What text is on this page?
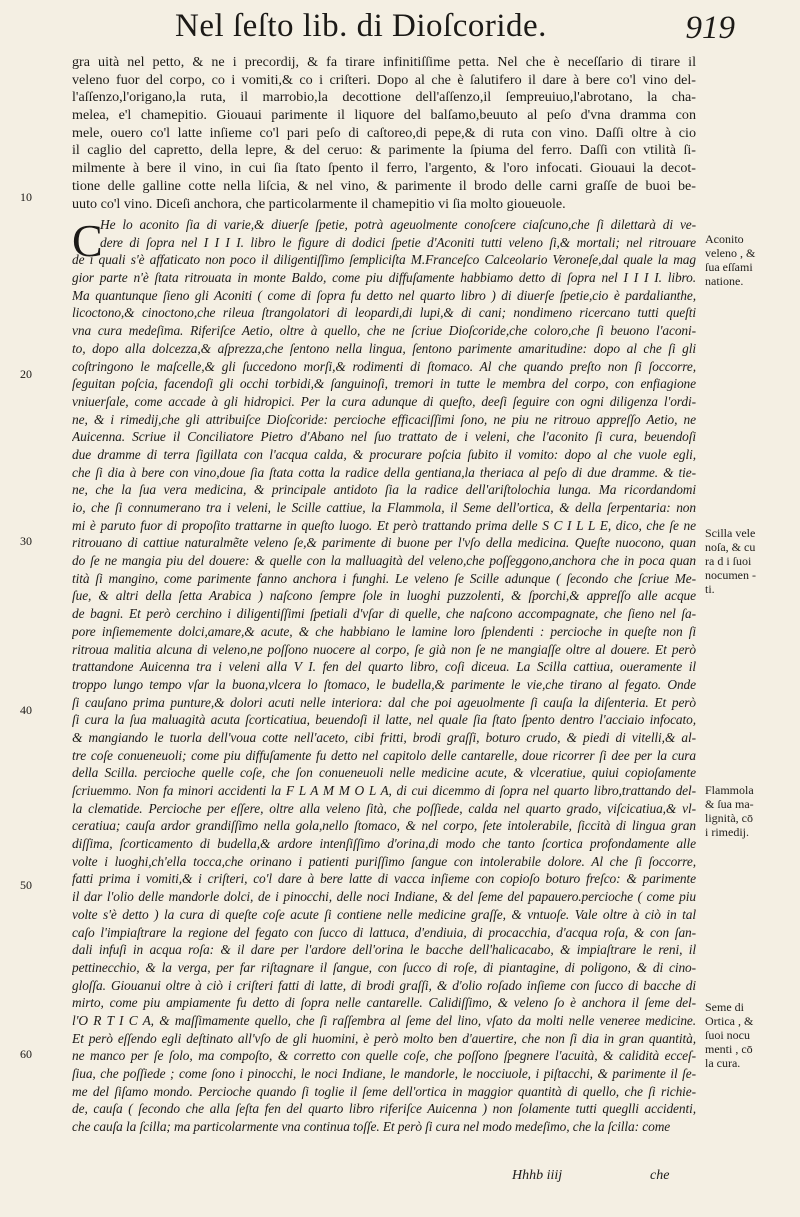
Nel ſeſto lib. di Dioſcoride.	919
gra uità nel petto, & ne i precordij, & fa tirare infinitiſſime petta. Nel che è neceſſario di tirare il
veleno fuor del corpo, co i vomiti,& co i criſteri. Dopo al che è ſalutifero il dare à bere co'l vino del-
l'aſſenzo,l'origano,la ruta, il marrobio,la decottione dell'aſſenzo,il ſempreuiuo,l'abrotano, la cha-
melea, e'l chamepitio. Giouaui parimente il liquore del balſamo,beuuto al peſo d'vna dramma con
mele, ouero co'l latte inſieme co'l pari peſo di caſtoreo,di pepe,& di ruta con vino. Daſſi oltre à cio
il caglio del capretto, della lepre, & del ceruo: & parimente la ſpiuma del ferro. Daſſi con vtilità ſi-
milmente à bere il vino, in cui ſia ſtato ſpento il ferro, l'argento, & l'oro infocati. Giouaui la decot-
tione delle galline cotte nella liſcia, & nel vino, & parimente il brodo delle carni graſſe de buoi be-
uuto co'l vino. Diceſi anchora, che particolarmente il chamepitio vi ſia molto gioueuole.
C
He lo aconito ſia di varie,& diuerſe ſpetie, potrà ageuolmente conoſcere ciaſcuno,che ſi dilettarà di ve-
dere di ſopra nel I I I I. libro le figure di dodici ſpetie d'Aconiti tutti veleno ſi,& mortali; nel ritrouare
de i quali s'è affaticato non poco il diligentiſſimo ſempliciſta M.Franceſco Calceolario Veroneſe,dal quale la mag
gior parte n'è ſtata ritrouata in monte Baldo, come piu diffuſamente habbiamo detto di ſopra nel I I I I. libro.
Ma quantunque ſieno gli Aconiti ( come di ſopra fu detto nel quarto libro ) di diuerſe ſpetie,cio è pardalianthe,
licoctono,& cinoctono,che rileua ſtrangolatori di leopardi,di lupi,& di cani; nondimeno ricercano tutti queſti
vna cura medeſima. Riferiſce Aetio, oltre à quello, che ne ſcriue Dioſcoride,che coloro,che ſi beuono l'aconi-
to, dopo alla dolcezza,& aſprezza,che ſentono nella lingua, ſentono parimente amaritudine: dopo al che ſi gli
coſtringono le maſcelle,& gli ſuccedono morſi,& rodimenti di ſtomaco. Al che quando preſto non ſi ſoccorre,
ſeguitan poſcia, facendoſi gli occhi torbidi,& ſanguinoſi, tremori in tutte le membra del corpo, con enfiagione
vniuerſale, come accade à gli hidropici. Per la cura adunque di queſto, deeſi ſeguire con ogni diligenza l'ordi-
ne, & i rimedij,che gli attribuiſce Dioſcoride: percioche efficaciſſimi ſono, ne piu ne ritrouo appreſſo Aetio, ne
Auicenna. Scriue il Conciliatore Pietro d'Abano nel ſuo trattato de i veleni, che l'aconito ſi cura, beuendoſi
due dramme di terra ſigillata con l'acqua calda, & procurare poſcia ſubito il vomito: dopo al che vuole egli,
che ſi dia à bere con vino,doue ſia ſtata cotta la radice della gentiana,la theriaca al peſo di due dramme. & tie-
ne, che la ſua vera medicina, & principale antidoto ſia la radice dell'ariſtolochia lunga. Ma ricordandomi
io, che ſi connumerano tra i veleni, le Scille cattiue, la Flammola, il Seme dell'ortica, & della ſerpentaria: non
mi è paruto fuor di propoſito trattarne in queſto luogo. Et però trattando prima delle S C I L L E, dico, che ſe ne
ritrouano di cattiue naturalmẽte veleno ſe,& parimente di buone per l'vſo della medicina. Queſte nuocono, quan
do ſe ne mangia piu del douere: & quelle con la malluagità del veleno,che poſſeggono,anchora che in poca quan
tità ſi mangino, come parimente fanno anchora i funghi. Le veleno ſe Scille adunque ( ſecondo che ſcriue Me-
ſue, & altri della ſetta Arabica ) naſcono ſempre ſole in luoghi puzzolenti, & ſporchi,& appreſſo alle acque
de bagni. Et però cerchino i diligentiſſimi ſpetiali d'vſar di quelle, che naſcono accompagnate, che ſieno nel ſa-
pore inſiememente dolci,amare,& acute, & che habbiano le lamine loro ſplendenti : percioche in queſte non ſi
ritroua malitia alcuna di veleno,ne poſſono nuocere al corpo, ſe già non ſe ne mangiaſſe oltre al douere. Et però
trattandone Auicenna tra i veleni alla V I. fen del quarto libro, coſi diceua. La Scilla cattiua, oueramente il
troppo lungo tempo vſar la buona,vlcera lo ſtomaco, le budella,& parimente le vie,che tirano al fegato. Onde
ſi cauſano prima punture,& dolori acuti nelle interiora: dal che poi ageuolmente ſi cauſa la diſenteria. Et però
ſi cura la ſua maluagità acuta ſcorticatiua, beuendoſi il latte, nel quale ſia ſtato ſpento dentro l'acciaio infocato,
& mangiando le tuorla dell'voua cotte nell'aceto, cibi fritti, brodi graſſi, boturo crudo, & piedi di vitelli,& al-
tre coſe conueneuoli; come piu diffuſamente fu detto nel capitolo delle cantarelle, doue ricorrer ſi dee per la cura
della Scilla. percioche quelle coſe, che ſon conueneuoli nelle medicine acute, & vlceratiue, quiui copioſamente
ſcriuemmo. Non fa minori accidenti la F L A M M O L A, di cui dicemmo di ſopra nel quarto libro,trattando del-
la clematide. Percioche per eſſere, oltre alla veleno ſità, che poſſiede, calda nel quarto grado, viſcicatiua,& vl-
ceratiua; cauſa ardor grandiſſimo nella gola,nello ſtomaco, & nel corpo, ſete intolerabile, ſiccità di lingua gran
diſſima, ſcorticamento di budella,& ardore intenſiſſimo d'orina,di modo che tanto ſcortica profondamente alle
volte i luoghi,ch'ella tocca,che orinano i patienti puriſſimo ſangue con intolerabile dolore. Al che ſi ſoccorre,
fatti prima i vomiti,& i criſteri, co'l dare à bere latte di vacca inſieme con copioſo boturo freſco: & parimente
il dar l'olio delle mandorle dolci, de i pinocchi, delle noci Indiane, & del ſeme del papauero.percioche ( come piu
volte s'è detto ) la cura di queſte coſe acute ſi contiene nelle medicine graſſe, & vntuoſe. Vale oltre à ciò in tal
caſo l'impiaſtrare la regione del fegato con ſucco di lattuca, d'endiuia, di procacchia, d'acqua roſa, & con ſan-
dali infuſi in acqua roſa: & il dare per l'ardore dell'orina le bacche dell'halicacabo, & impiaſtrare le reni, il
pettinecchio, & la verga, per far riſtagnare il ſangue, con ſucco di roſe, di piantagine, di poligono, & di cino-
gloſſa. Giouanui oltre à ciò i criſteri fatti di latte, di brodi graſſi, & d'olio roſado inſieme con ſucco di bacche di
mirto, come piu ampiamente fu detto di ſopra nelle cantarelle. Calidiſſimo, & veleno ſo è anchora il ſeme del-
l'O R T I C A, & maſſimamente quello, che ſi raſſembra al ſeme del lino, vſato da molti nelle veneree medicine.
Et però eſſendo egli deſtinato all'vſo de gli huomini, è però molto ben d'auertire, che non ſi dia in gran quantità,
ne manco per ſe ſolo, ma compoſto, & corretto con quelle coſe, che poſſono ſpegnere l'acuità, & calidità ecceſ-
ſiua, che poſſiede ; come ſono i pinocchi, le noci Indiane, le mandorle, le nocciuole, i piſtacchi, & parimente il ſe-
me del ſiſamo mondo. Percioche quando ſi toglie il ſeme dell'ortica in maggior quantità di quello, che ſi richie-
de, cauſa ( ſecondo che alla ſeſta fen del quarto libro riferiſce Auicenna ) non ſolamente tutti queglli accidenti,
che cauſa la ſcilla; ma particolarmente vna continua toſſe. Et però ſi cura nel modo medeſimo, che la ſcilla: come
10
20
30
40
50
60
Aconito
veleno , &
ſua eſſami
natione.
Scilla vele
noſa, & cu
ra d i ſuoi
nocumen -
ti.
Flammola
& ſua ma-
lignità, cō
i rimedij.
Seme di
Ortica , &
ſuoi nocu
menti , cō
la cura.
Hhhb iiij	che
